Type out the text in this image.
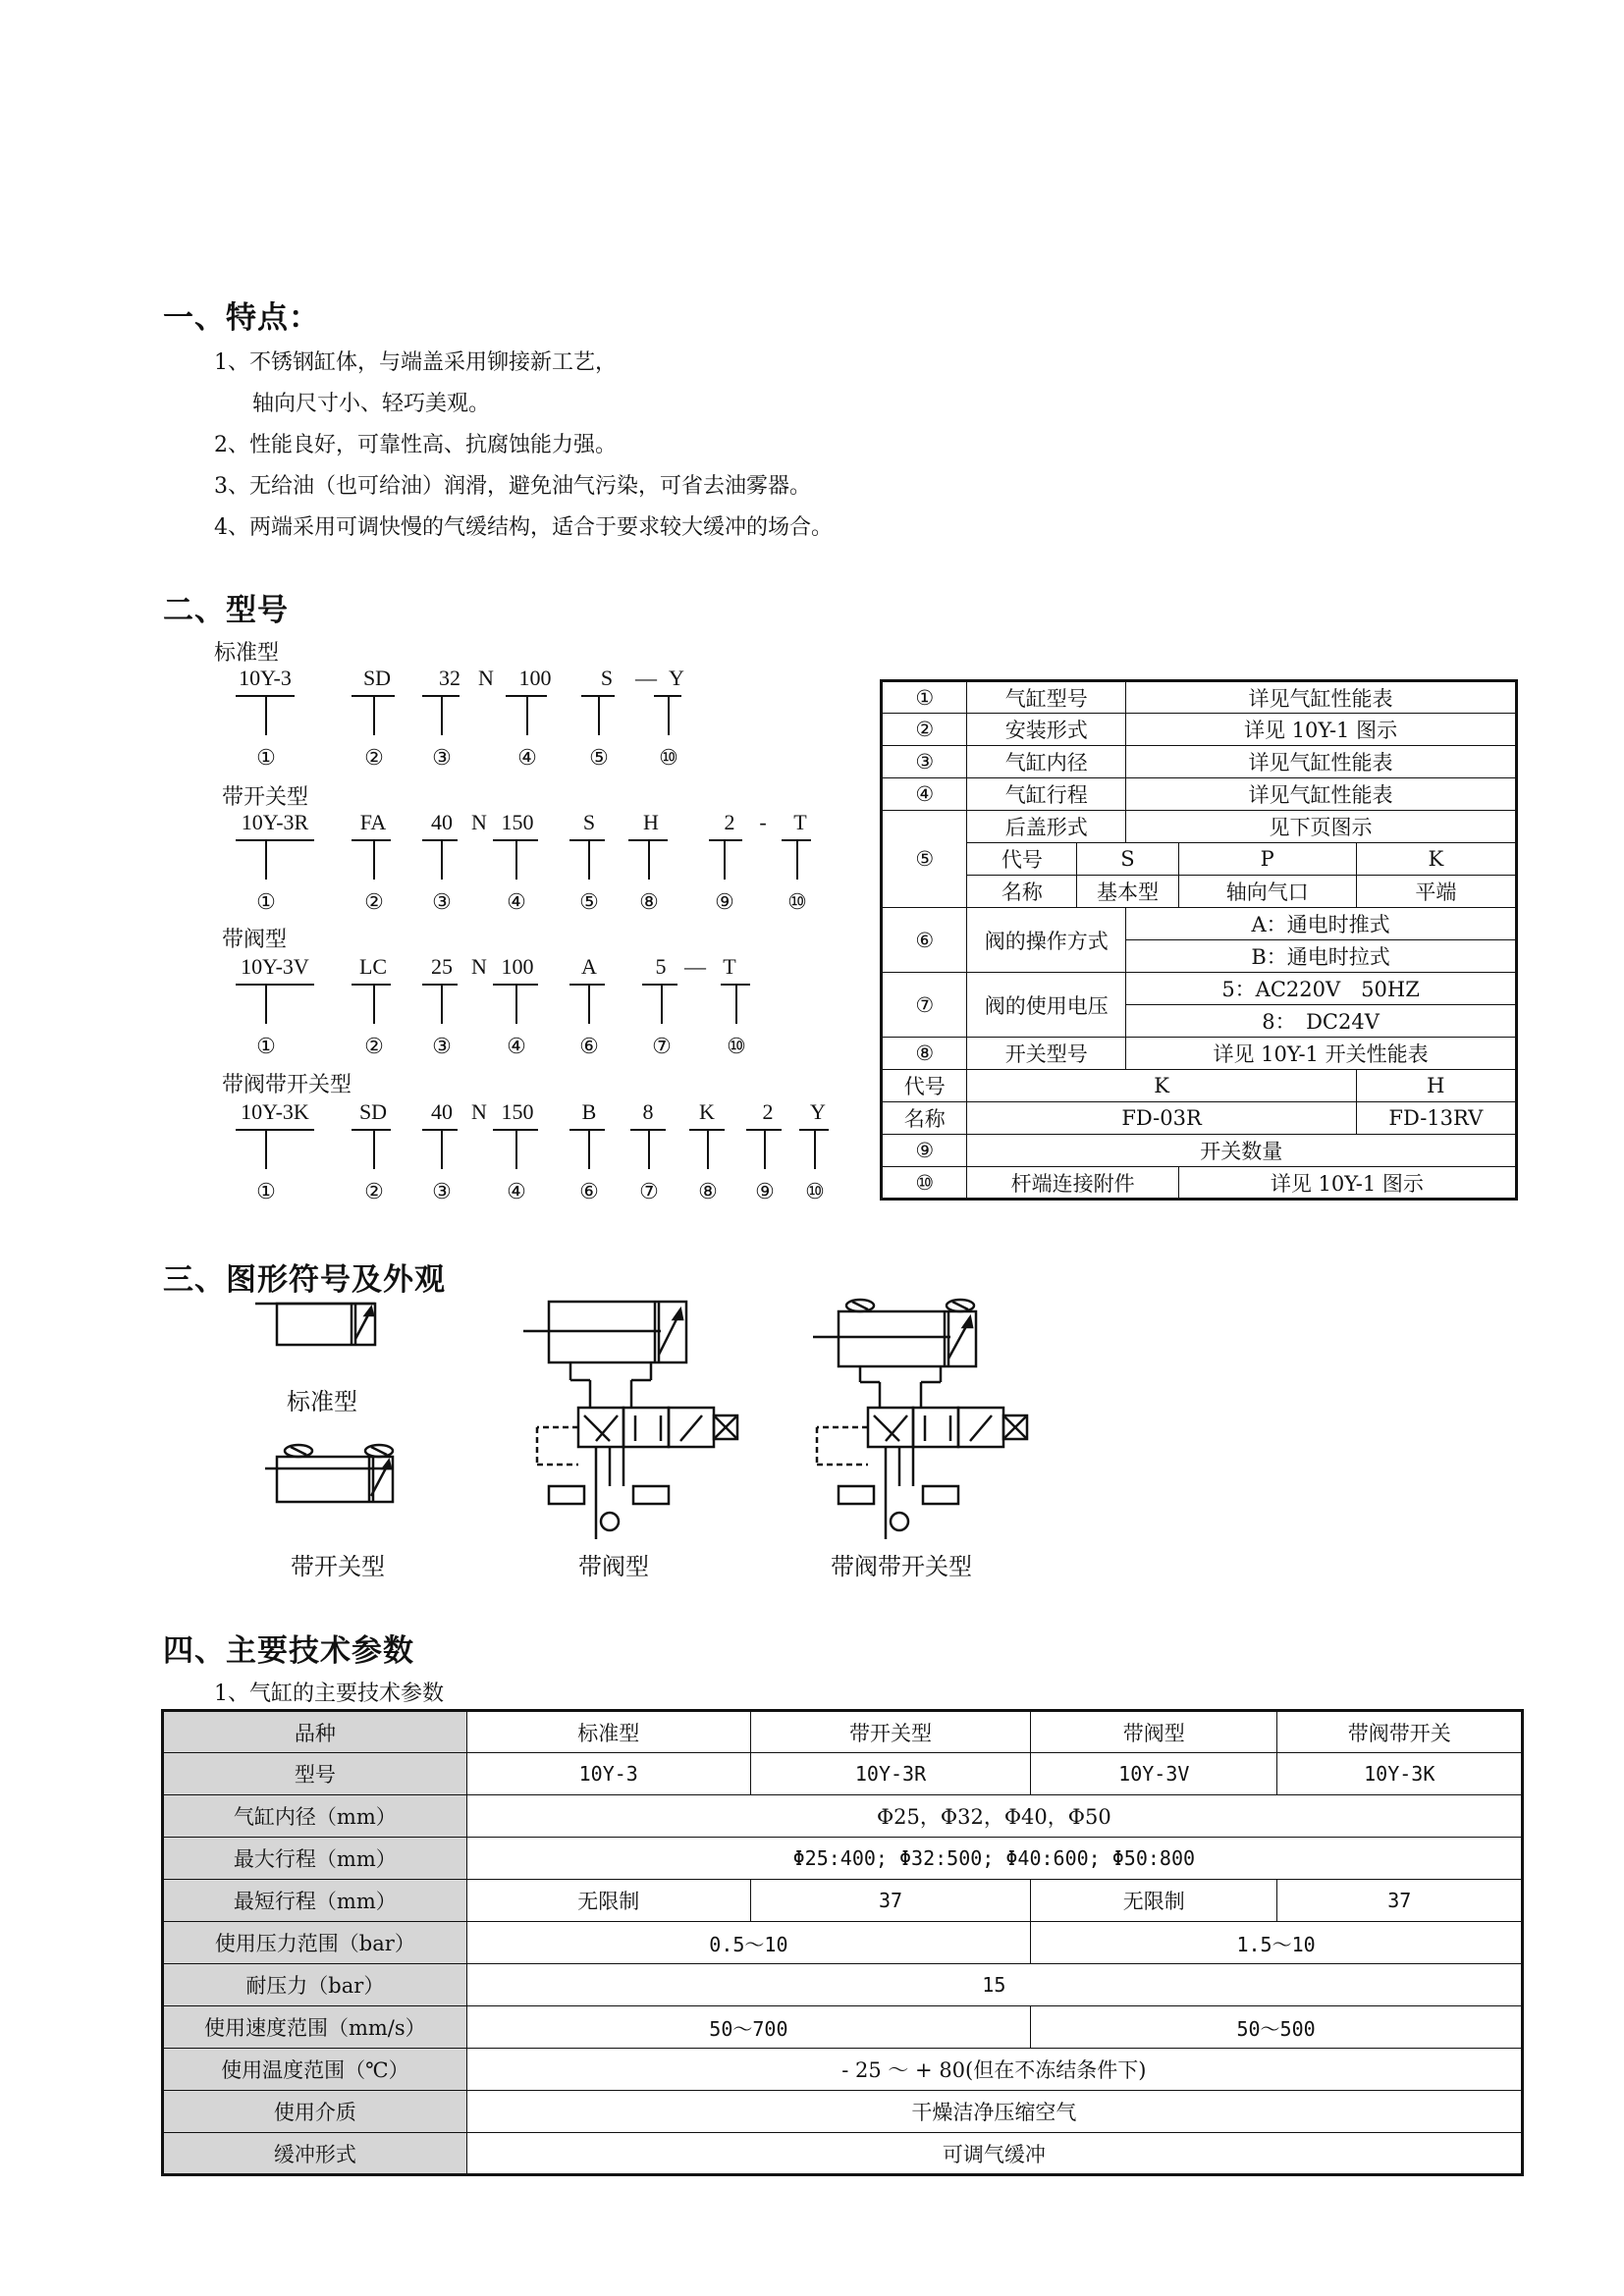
一、特点：
1、不锈钢缸体，与端盖采用铆接新工艺，
轴向尺寸小、轻巧美观。
2、性能良好，可靠性高、抗腐蚀能力强。
3、无给油（也可给油）润滑，避免油气污染，可省去油雾器。
4、两端采用可调快慢的气缓结构，适合于要求较大缓冲的场合。
二、型号
标准型
10Y-3	SD	32 N 100	S	— Y
①	②	③	④	⑤	⑩
带开关型
10Y-3R FA 40 N 150	S	H	2	- T
①	②	③	④	⑤	⑧	⑨	⑩
带阀型
10Y-3V LC 25 N 100	A	5 — T
①	②	③	④	⑥	⑦	⑩
带阀带开关型
10Y-3K SD 40 N 150	B	8	K	2 Y
①	②	③	④	⑥	⑦	⑧	⑨	⑩
①	气缸型号		详见气缸性能表		
②	安装形式		详见 10Y-1 图示		
③	气缸内径		详见气缸性能表		
④	气缸行程		详见气缸性能表		
⑤	后盖形式		见下页图示		
	代号	S		P	K
	名称	基本型		轴向气口	平端
⑥	阀的操作方式		A：通电时推式		
			B：通电时拉式		
⑦	阀的使用电压		5：AC220V　50HZ		
			8：　DC24V		
⑧	开关型号		详见 10Y-1 开关性能表		
代号	K				H
名称	FD-03R				FD-13RV
⑨	开关数量				
⑩	杆端连接附件			详见 10Y-1 图示	
三、图形符号及外观
标准型
带开关型	带阀型	带阀带开关型
四、主要技术参数
1、气缸的主要技术参数
品种	标准型	带开关型	带阀型	带阀带开关
型号	10Y-3	10Y-3R	10Y-3V	10Y-3K
气缸内径（mm）	Φ25，Φ32，Φ40，Φ50			
最大行程（mm）	Φ25:400; Φ32:500; Φ40:600; Φ50:800			
最短行程（mm）	无限制	37	无限制	37
使用压力范围（bar）	0.5～10		1.5～10	
耐压力（bar）	15			
使用速度范围（mm/s）	50～700		50～500	
使用温度范围（℃）	- 25 ～ + 80(但在不冻结条件下)			
使用介质	干燥洁净压缩空气			
缓冲形式	可调气缓冲			
